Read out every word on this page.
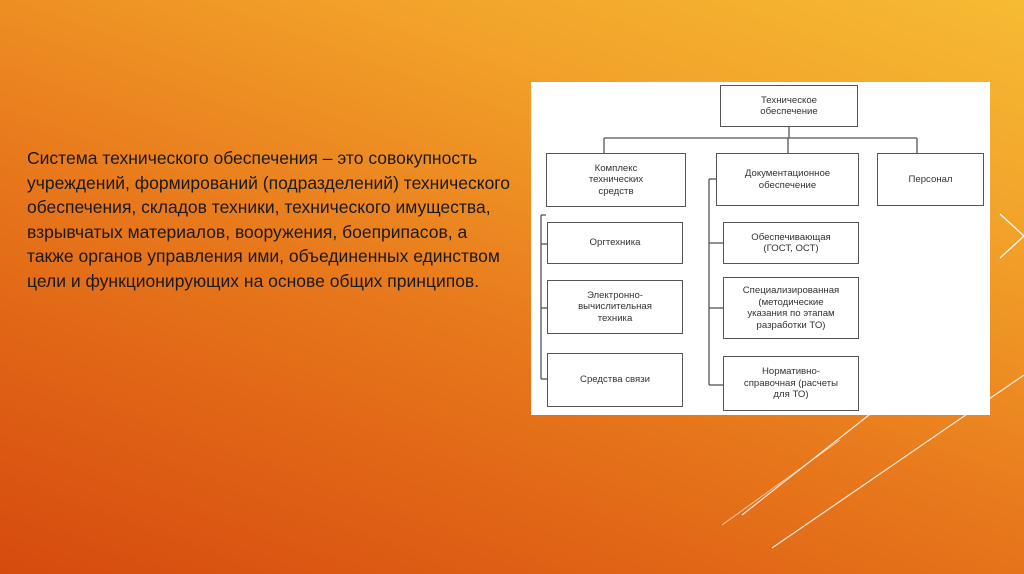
Система технического обеспечения – это совокупность учреждений, формирований (подразделений) технического обеспечения, складов техники, технического имущества, взрывчатых материалов, вооружения, боеприпасов, а также органов управления ими, объединенных единством цели и функционирующих на основе общих принципов.
Техническое
обеспечение
Комплекс
технических
средств
Документационное
обеспечение
Персонал
Оргтехника
Электронно-
вычислительная
техника
Средства связи
Обеспечивающая
(ГОСТ, ОСТ)
Специализированная
(методические
указания по этапам
разработки ТО)
Нормативно-
справочная (расчеты
для ТО)
